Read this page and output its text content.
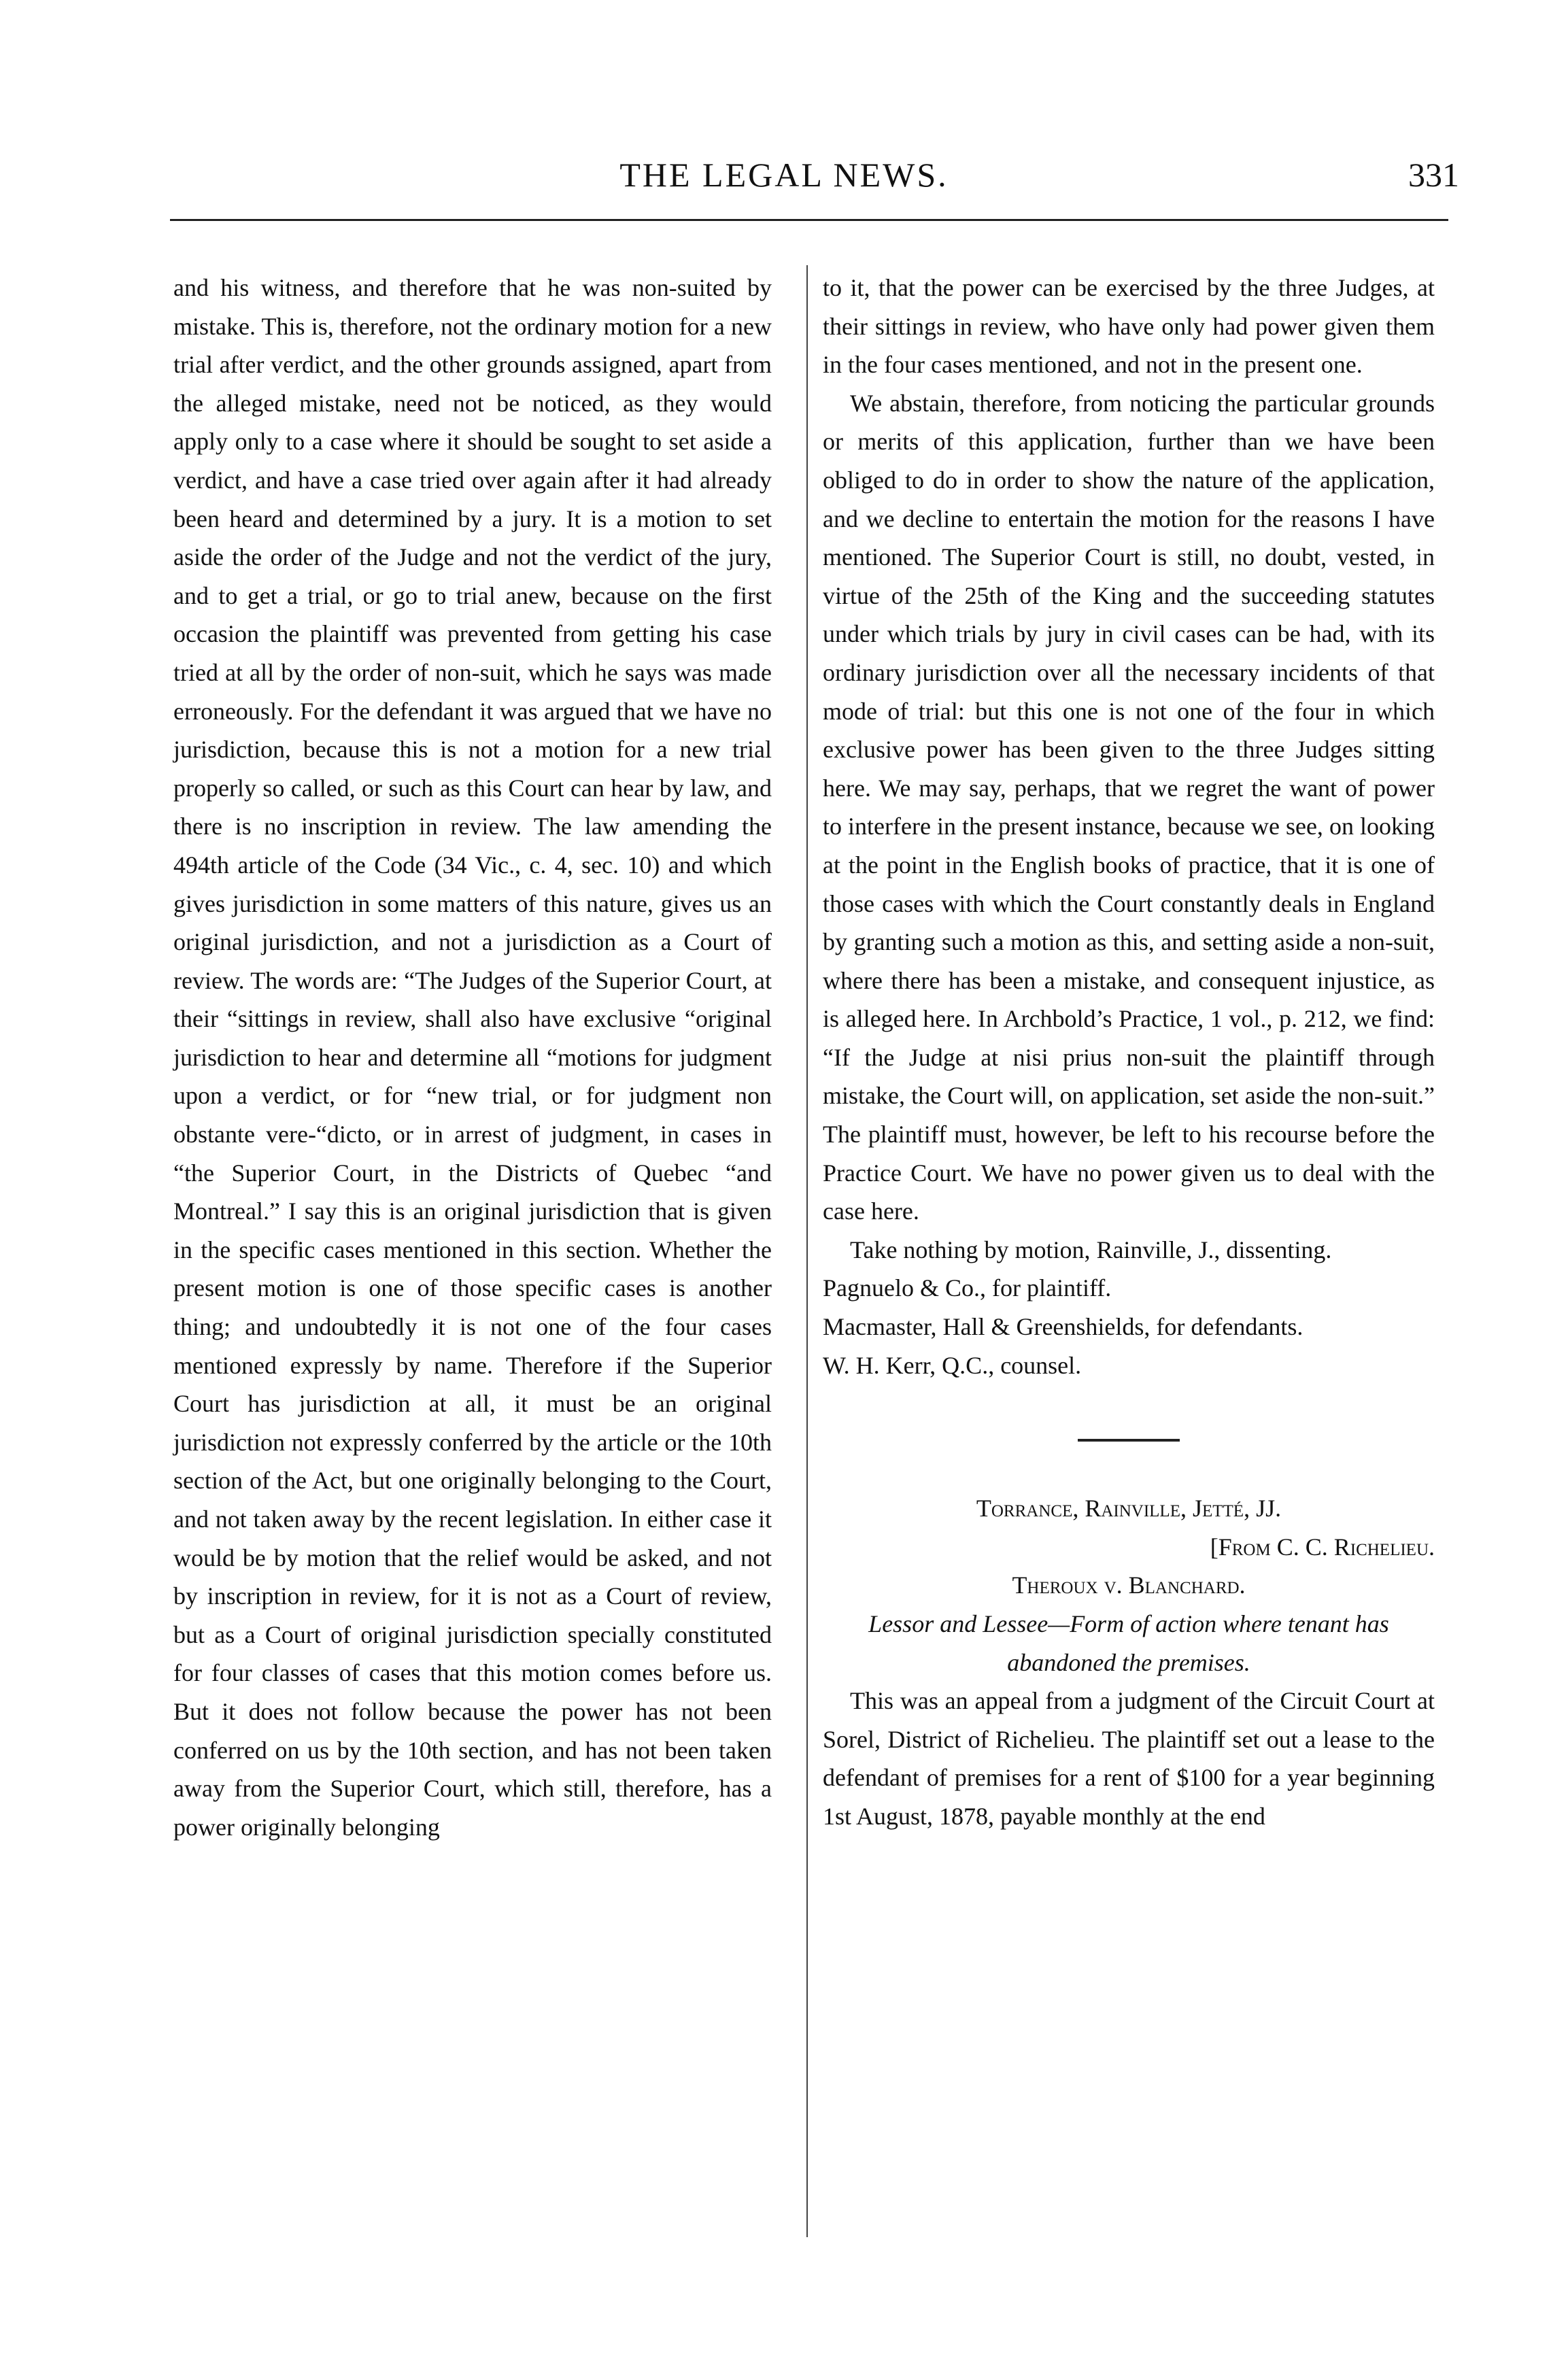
THE LEGAL NEWS.	331

and his witness, and therefore that he was non-suited by mistake. This is, therefore, not the ordinary motion for a new trial after verdict, and the other grounds assigned, apart from the alleged mistake, need not be noticed, as they would apply only to a case where it should be sought to set aside a verdict, and have a case tried over again after it had already been heard and determined by a jury. It is a motion to set aside the order of the Judge and not the verdict of the jury, and to get a trial, or go to trial anew, because on the first occasion the plaintiff was prevented from getting his case tried at all by the order of non-suit, which he says was made erroneously. For the defendant it was argued that we have no jurisdiction, because this is not a motion for a new trial properly so called, or such as this Court can hear by law, and there is no inscription in review. The law amending the 494th article of the Code (34 Vic., c. 4, sec. 10) and which gives jurisdiction in some matters of this nature, gives us an original jurisdiction, and not a jurisdiction as a Court of review. The words are: “The Judges of the Superior Court, at their “sittings in review, shall also have exclusive “original jurisdiction to hear and determine all “motions for judgment upon a verdict, or for “new trial, or for judgment non obstante vere-“dicto, or in arrest of judgment, in cases in “the Superior Court, in the Districts of Quebec “and Montreal.” I say this is an original jurisdiction that is given in the specific cases mentioned in this section. Whether the present motion is one of those specific cases is another thing; and undoubtedly it is not one of the four cases mentioned expressly by name. Therefore if the Superior Court has jurisdiction at all, it must be an original jurisdiction not expressly conferred by the article or the 10th section of the Act, but one originally belonging to the Court, and not taken away by the recent legislation. In either case it would be by motion that the relief would be asked, and not by inscription in review, for it is not as a Court of review, but as a Court of original jurisdiction specially constituted for four classes of cases that this motion comes before us. But it does not follow because the power has not been conferred on us by the 10th section, and has not been taken away from the Superior Court, which still, therefore, has a power originally belonging

to it, that the power can be exercised by the three Judges, at their sittings in review, who have only had power given them in the four cases mentioned, and not in the present one.

We abstain, therefore, from noticing the particular grounds or merits of this application, further than we have been obliged to do in order to show the nature of the application, and we decline to entertain the motion for the reasons I have mentioned. The Superior Court is still, no doubt, vested, in virtue of the 25th of the King and the succeeding statutes under which trials by jury in civil cases can be had, with its ordinary jurisdiction over all the necessary incidents of that mode of trial: but this one is not one of the four in which exclusive power has been given to the three Judges sitting here. We may say, perhaps, that we regret the want of power to interfere in the present instance, because we see, on looking at the point in the English books of practice, that it is one of those cases with which the Court constantly deals in England by granting such a motion as this, and setting aside a non-suit, where there has been a mistake, and consequent injustice, as is alleged here. In Archbold’s Practice, 1 vol., p. 212, we find: “If the Judge at nisi prius non-suit the plaintiff through mistake, the Court will, on application, set aside the non-suit.” The plaintiff must, however, be left to his recourse before the Practice Court. We have no power given us to deal with the case here.

Take nothing by motion, Rainville, J., dissenting.

Pagnuelo & Co., for plaintiff.

Macmaster, Hall & Greenshields, for defendants.

W. H. Kerr, Q.C., counsel.

Torrance, Rainville, Jetté, JJ.

[From C. C. Richelieu.

Theroux v. Blanchard.

Lessor and Lessee—Form of action where tenant has abandoned the premises.

This was an appeal from a judgment of the Circuit Court at Sorel, District of Richelieu. The plaintiff set out a lease to the defendant of premises for a rent of $100 for a year beginning 1st August, 1878, payable monthly at the end
